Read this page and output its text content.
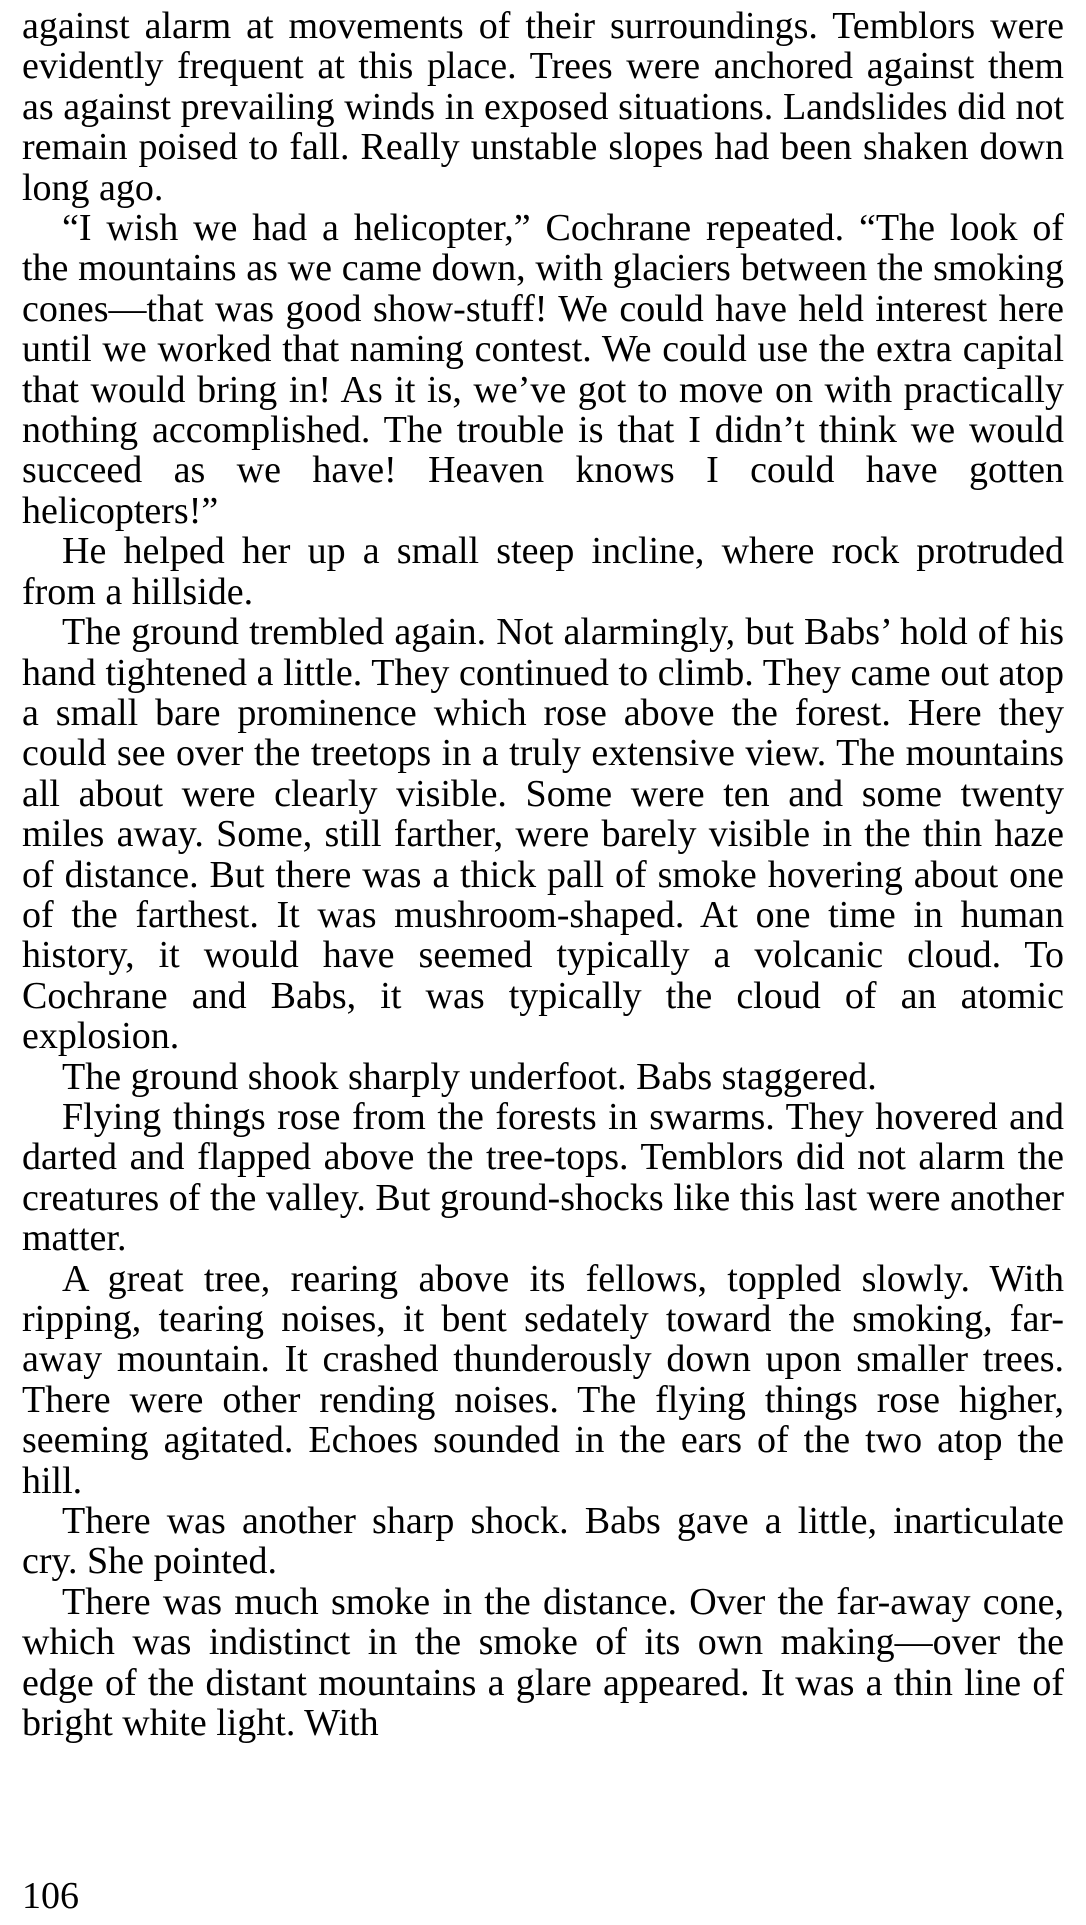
against alarm at movements of their surroundings. Temblors were evidently frequent at this place. Trees were anchored against them as against prevailing winds in exposed situations. Landslides did not remain poised to fall. Really unstable slopes had been shaken down long ago.

“I wish we had a helicopter,” Cochrane repeated. “The look of the mountains as we came down, with glaciers between the smoking cones—that was good show-stuff! We could have held interest here until we worked that naming contest. We could use the extra capital that would bring in! As it is, we’ve got to move on with practically nothing accomplished. The trouble is that I didn’t think we would succeed as we have! Heaven knows I could have gotten helicopters!”

He helped her up a small steep incline, where rock protruded from a hillside.

The ground trembled again. Not alarmingly, but Babs’ hold of his hand tightened a little. They continued to climb. They came out atop a small bare prominence which rose above the forest. Here they could see over the treetops in a truly extensive view. The mountains all about were clearly visible. Some were ten and some twenty miles away. Some, still farther, were barely visible in the thin haze of distance. But there was a thick pall of smoke hovering about one of the farthest. It was mushroom-shaped. At one time in human history, it would have seemed typically a volcanic cloud. To Cochrane and Babs, it was typically the cloud of an atomic explosion.

The ground shook sharply underfoot. Babs staggered.

Flying things rose from the forests in swarms. They hovered and darted and flapped above the tree-tops. Temblors did not alarm the creatures of the valley. But ground-shocks like this last were another matter.

A great tree, rearing above its fellows, toppled slowly. With ripping, tearing noises, it bent sedately toward the smoking, far-away mountain. It crashed thunderously down upon smaller trees. There were other rending noises. The flying things rose higher, seeming agitated. Echoes sounded in the ears of the two atop the hill.

There was another sharp shock. Babs gave a little, inarticulate cry. She pointed.

There was much smoke in the distance. Over the far-away cone, which was indistinct in the smoke of its own making—over the edge of the distant mountains a glare appeared. It was a thin line of bright white light. With

106
